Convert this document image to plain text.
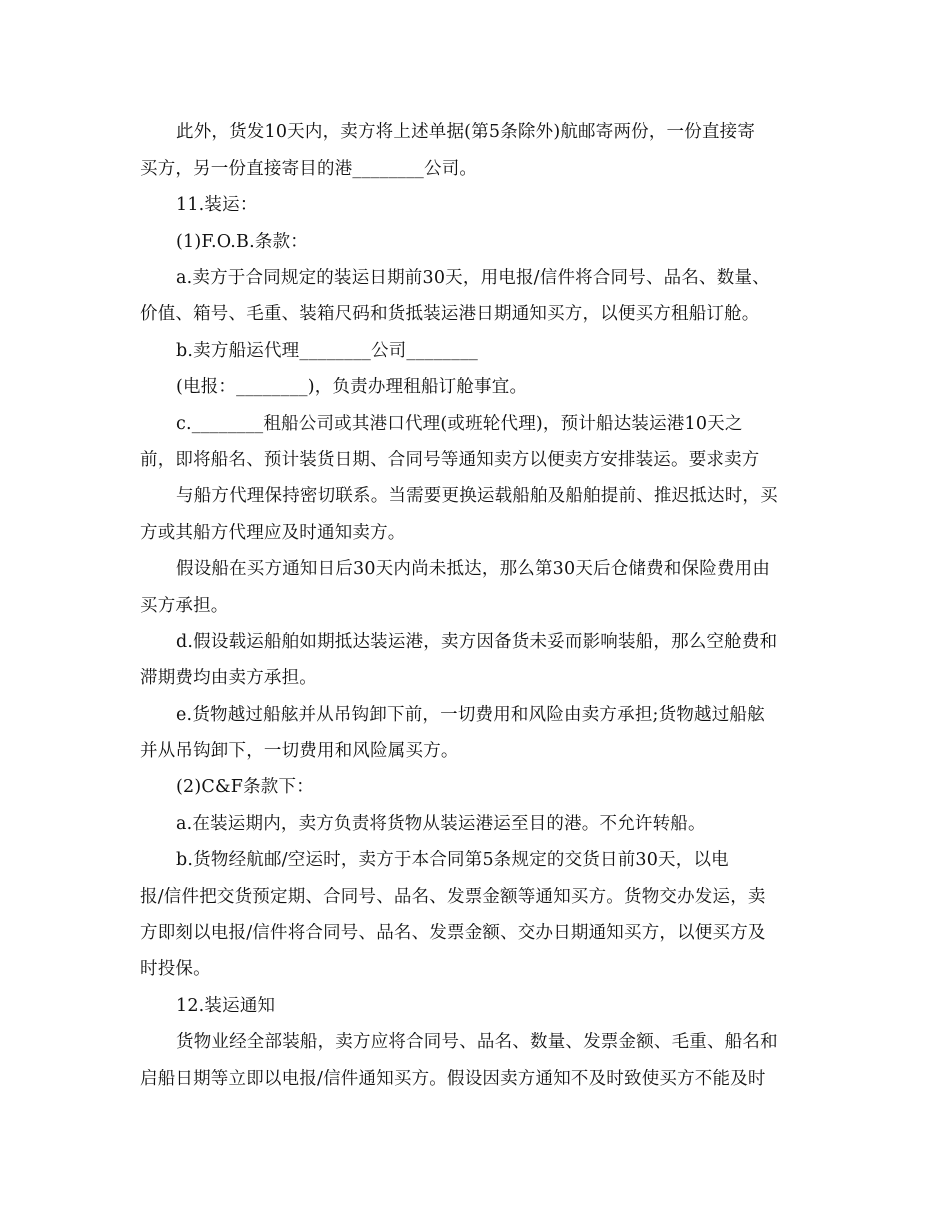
此外，货发10天内，卖方将上述单据(第5条除外)航邮寄两份，一份直接寄
买方，另一份直接寄目的港________公司。
11.装运：
(1)F.O.B.条款：
a.卖方于合同规定的装运日期前30天，用电报/信件将合同号、品名、数量、
价值、箱号、毛重、装箱尺码和货抵装运港日期通知买方，以便买方租船订舱。
b.卖方船运代理________公司________
(电报：________)，负责办理租船订舱事宜。
c.________租船公司或其港口代理(或班轮代理)，预计船达装运港10天之
前，即将船名、预计装货日期、合同号等通知卖方以便卖方安排装运。要求卖方
与船方代理保持密切联系。当需要更换运载船舶及船舶提前、推迟抵达时，买
方或其船方代理应及时通知卖方。
假设船在买方通知日后30天内尚未抵达，那么第30天后仓储费和保险费用由
买方承担。
d.假设载运船舶如期抵达装运港，卖方因备货未妥而影响装船，那么空舱费和
滞期费均由卖方承担。
e.货物越过船舷并从吊钩卸下前，一切费用和风险由卖方承担;货物越过船舷
并从吊钩卸下，一切费用和风险属买方。
(2)C&F条款下：
a.在装运期内，卖方负责将货物从装运港运至目的港。不允许转船。
b.货物经航邮/空运时，卖方于本合同第5条规定的交货日前30天，以电
报/信件把交货预定期、合同号、品名、发票金额等通知买方。货物交办发运，卖
方即刻以电报/信件将合同号、品名、发票金额、交办日期通知买方，以便买方及
时投保。
12.装运通知
货物业经全部装船，卖方应将合同号、品名、数量、发票金额、毛重、船名和
启船日期等立即以电报/信件通知买方。假设因卖方通知不及时致使买方不能及时
